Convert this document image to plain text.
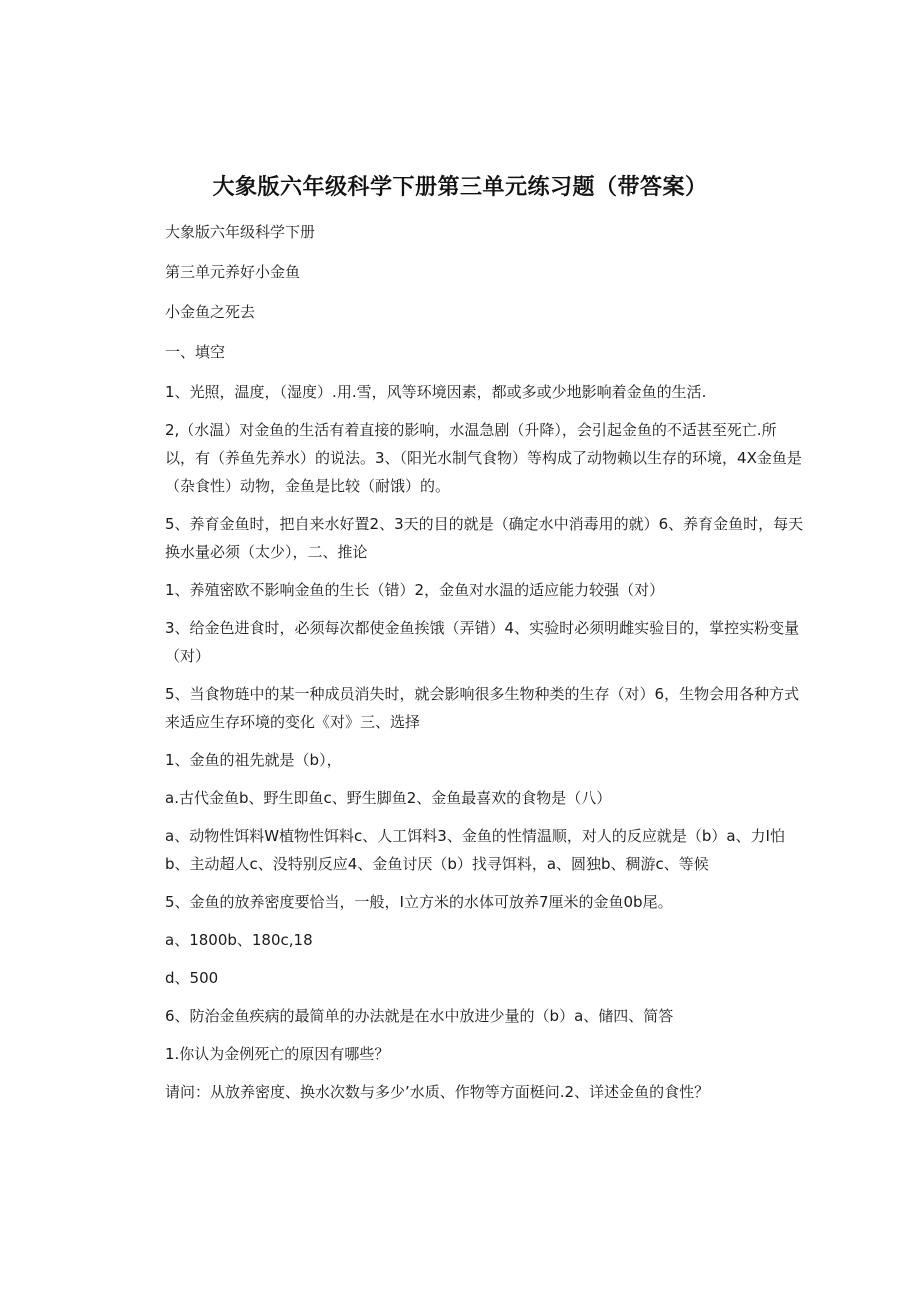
大象版六年级科学下册第三单元练习题（带答案）

大象版六年级科学下册

第三单元养好小金鱼

小金鱼之死去

一、填空

1、光照，温度，（湿度）.用.雪，风等环境因素，都或多或少地影响着金鱼的生活.

2,（水温）对金鱼的生活有着直接的影响，水温急剧（升降），会引起金鱼的不适甚至死亡.所以，有（养鱼先养水）的说法。3、（阳光水制气食物）等构成了动物赖以生存的环境，4X金鱼是（杂食性）动物，金鱼是比较（耐饿）的。

5、养育金鱼时，把自来水好置2、3天的目的就是（确定水中消毒用的就）6、养育金鱼时，每天换水量必须（太少），二、推论

1、养殖密欧不影响金鱼的生长（错）2，金鱼对水温的适应能力较强（对）

3、给金色进食时，必须每次都使金鱼挨饿（弄错）4、实验时必须明雌实验目的，掌控实粉变量（对）

5、当食物琏中的某一种成员消失时，就会影响很多生物种类的生存（对）6，生物会用各种方式来适应生存环境的变化《对》三、选择

1、金鱼的祖先就是（b），

a.古代金鱼b、野生即鱼c、野生脚鱼2、金鱼最喜欢的食物是（八）

a、动物性饵料W植物性饵料c、人工饵料3、金鱼的性情温顺，对人的反应就是（b）a、力Ⅰ怕b、主动超人c、没特别反应4、金鱼讨厌（b）找寻饵料，a、圆独b、稠游c、等候

5、金鱼的放养密度要恰当，一般，Ⅰ立方米的水体可放养7厘米的金鱼0b尾。

a、1800b、180c,18

d、500

6、防治金鱼疾病的最简单的办法就是在水中放进少量的（b）a、储四、简答

1.你认为金例死亡的原因有哪些？

请问：从放养密度、换水次数与多少’水质、作物等方面梃问.2、详述金鱼的食性？
